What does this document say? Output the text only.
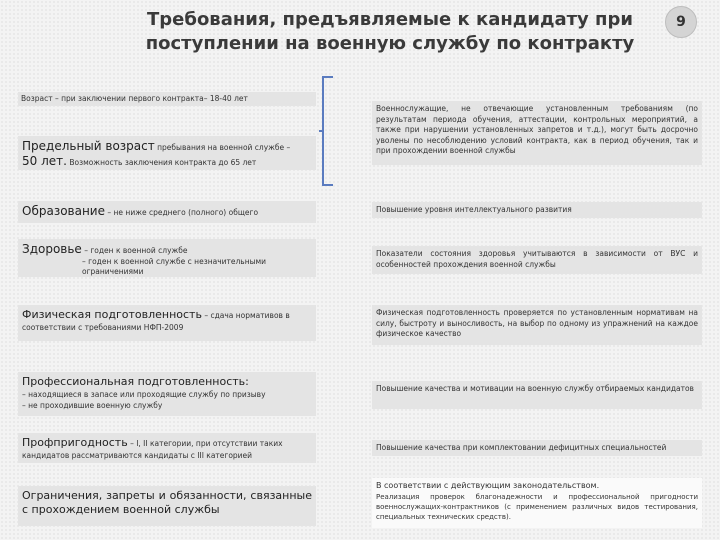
Требования, предъявляемые к кандидату при поступлении на военную службу по контракту
9
Возраст – при заключении первого контракта– 18-40 лет
Предельный возраст пребывания на военной службе –
50 лет. Возможность заключения контракта до 65 лет
Образование – не ниже среднего (полного) общего
Здоровье – годен к военной службе

– годен к военной службе с незначительными ограничениями
Физическая подготовленность – сдача нормативов в соответствии с требованиями НФП-2009
Профессиональная подготовленность:
– находящиеся в запасе или проходящие службу по призыву
– не проходившие военную службу
Профпригодность – I, II категории, при отсутствии таких кандидатов рассматриваются кандидаты с III категорией
Ограничения, запреты и обязанности, связанные с прохождением военной службы
Военнослужащие, не отвечающие установленным требованиям (по результатам периода обучения, аттестации, контрольных мероприятий, а также при нарушении установленных запретов и т.д.), могут быть досрочно уволены по несоблюдению условий контракта, как в период обучения, так и при прохождении военной службы
Повышение уровня интеллектуального развития
Показатели состояния здоровья учитываются в зависимости от ВУС и особенностей прохождения военной службы
Физическая подготовленность проверяется по установленным нормативам на силу, быстроту и выносливость, на выбор по одному из упражнений на каждое физическое качество
Повышение качества и мотивации на военную службу отбираемых кандидатов
Повышение качества при комплектовании дефицитных специальностей
В соответствии с действующим законодательством.
Реализация проверок благонадежности и профессиональной пригодности военнослужащих-контрактников (с применением различных видов тестирования, специальных технических средств).
